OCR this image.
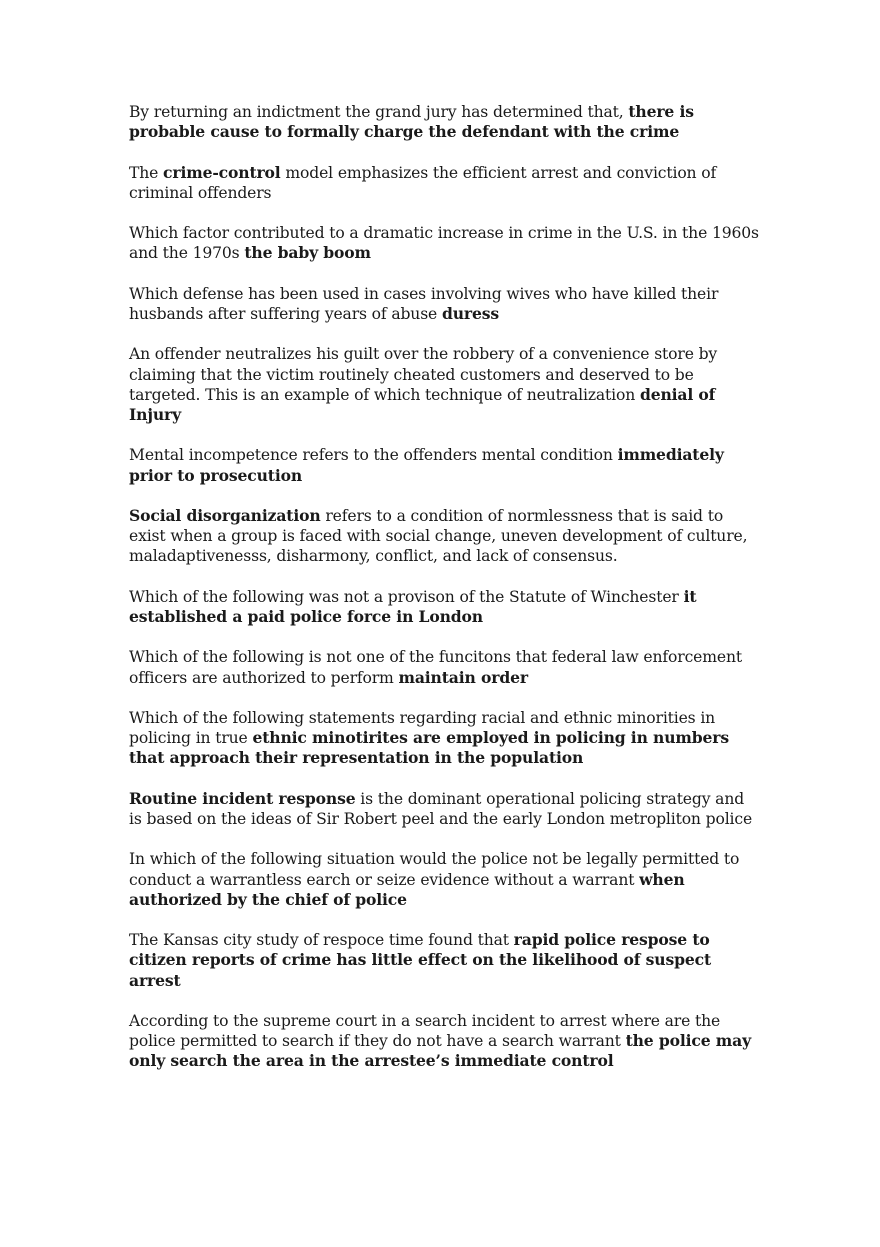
By returning an indictment the grand jury has determined that, there is probable cause to formally charge the defendant with the crime

The crime-control model emphasizes the efficient arrest and conviction of criminal offenders

Which factor contributed to a dramatic increase in crime in the U.S. in the 1960s and the 1970s the baby boom

Which defense has been used in cases involving wives who have killed their husbands after suffering years of abuse duress

An offender neutralizes his guilt over the robbery of a convenience store by claiming that the victim routinely cheated customers and deserved to be targeted. This is an example of which technique of neutralization denial of Injury

Mental incompetence refers to the offenders mental condition immediately prior to prosecution

Social disorganization refers to a condition of normlessness that is said to exist when a group is faced with social change, uneven development of culture, maladaptivenesss, disharmony, conflict, and lack of consensus.

Which of the following was not a provison of the Statute of Winchester it established a paid police force in London

Which of the following is not one of the funcitons that federal law enforcement officers are authorized to perform maintain order

Which of the following statements regarding racial and ethnic minorities in policing in true ethnic minotirites are employed in policing in numbers that approach their representation in the population

Routine incident response is the dominant operational policing strategy and is based on the ideas of Sir Robert peel and the early London metropliton police

In which of the following situation would the police not be legally permitted to conduct a warrantless earch or seize evidence without a warrant when authorized by the chief of police

The Kansas city study of respoce time found that rapid police respose to citizen reports of crime has little effect on the likelihood of suspect arrest

According to the supreme court in a search incident to arrest where are the police permitted to search if they do not have a search warrant the police may only search the area in the arrestee’s immediate control
